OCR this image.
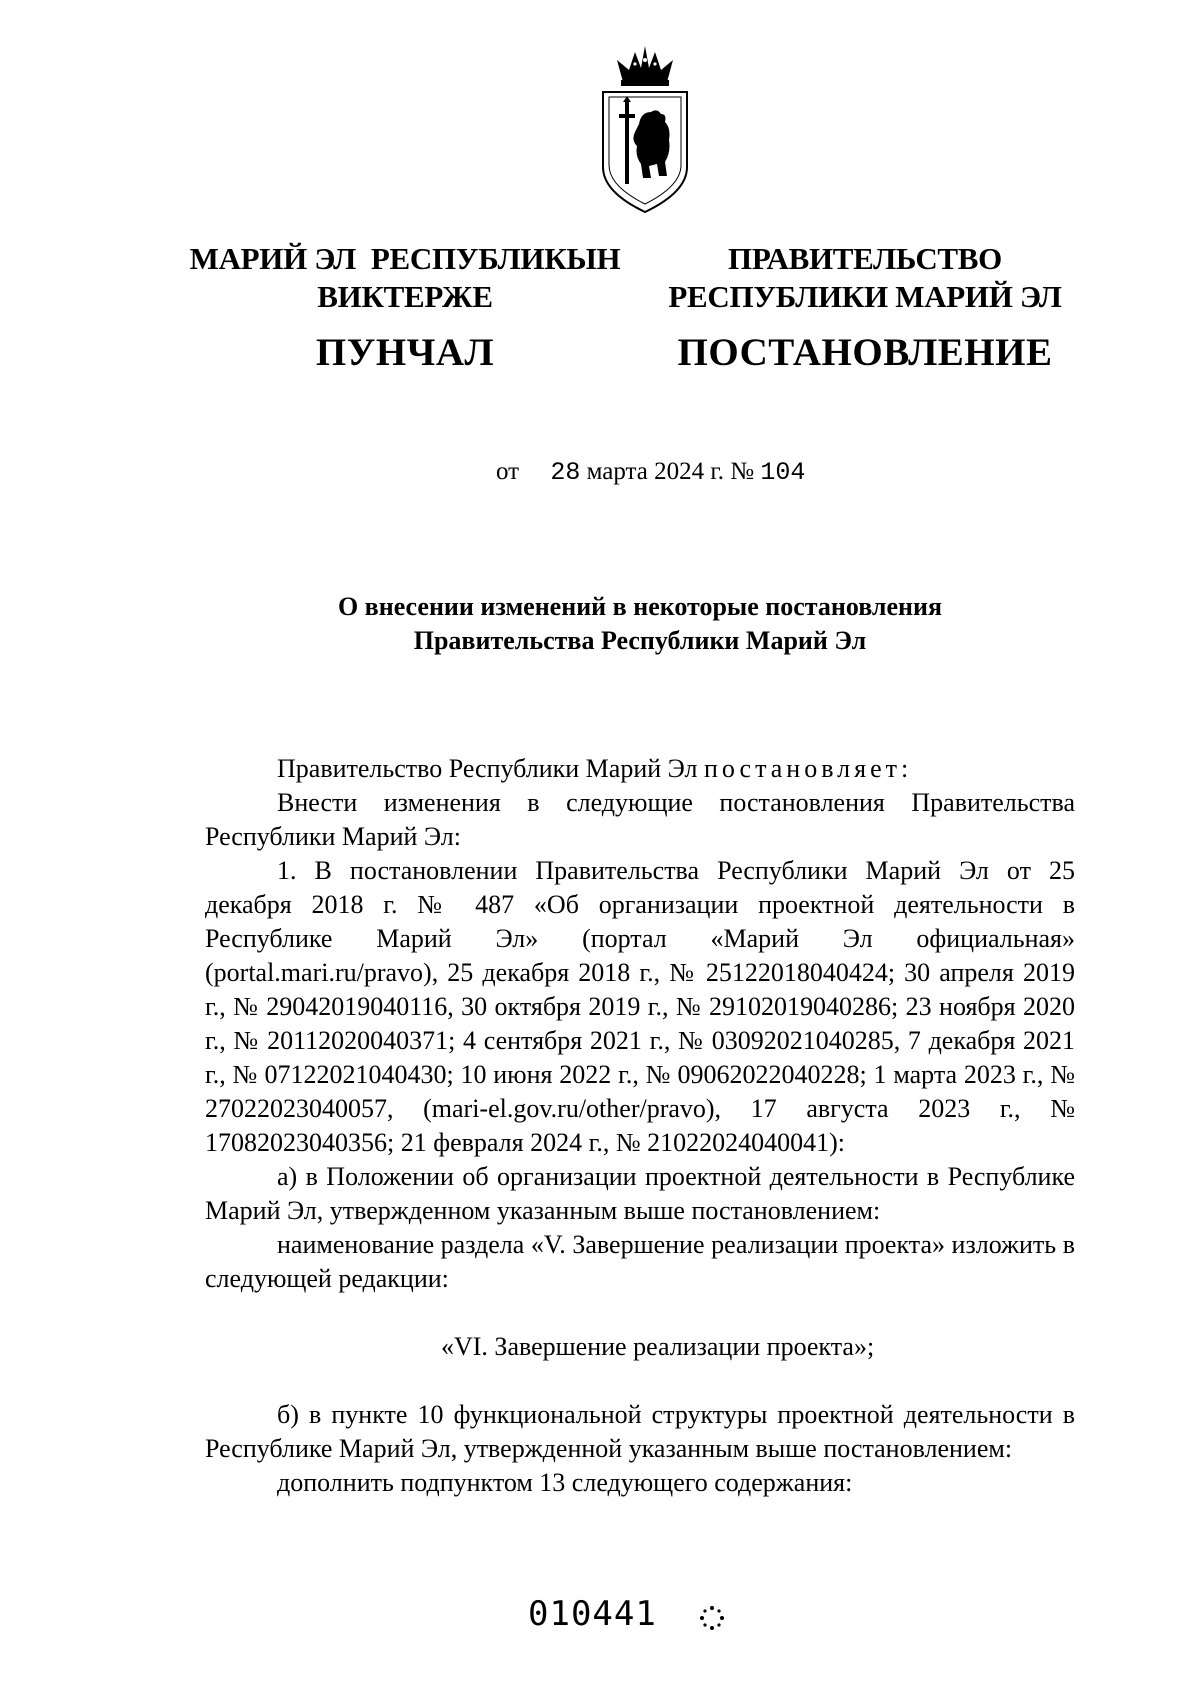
МАРИЙ ЭЛ  РЕСПУБЛИКЫН
ВИКТЕРЖЕ
ПУНЧАЛ
ПРАВИТЕЛЬСТВО
РЕСПУБЛИКИ МАРИЙ ЭЛ
ПОСТАНОВЛЕНИЕ
от 28 марта 2024 г. № 104
О внесении изменений в некоторые постановления
Правительства Республики Марий Эл

Правительство Республики Марий Эл постановляет:

Внести изменения в следующие постановления Правительства Республики Марий Эл:

1. В постановлении Правительства Республики Марий Эл от 25 декабря 2018 г. № 487 «Об организации проектной деятельности в Республике Марий Эл» (портал «Марий Эл официальная» (portal.mari.ru/pravo), 25 декабря 2018 г., № 25122018040424; 30 апреля 2019 г., № 29042019040116, 30 октября 2019 г., № 29102019040286; 23 ноября 2020 г., № 20112020040371; 4 сентября 2021 г., № 03092021040285, 7 декабря 2021 г., № 07122021040430; 10 июня 2022 г., № 09062022040228; 1 марта 2023 г., № 27022023040057, (mari-el.gov.ru/other/pravo), 17 августа 2023 г., № 17082023040356; 21 февраля 2024 г., № 21022024040041):

а) в Положении об организации проектной деятельности в Республике Марий Эл, утвержденном указанным выше постановлением:

наименование раздела «V. Завершение реализации проекта» изложить в следующей редакции:

«VI. Завершение реализации проекта»;

б) в пункте 10 функциональной структуры проектной деятельности в Республике Марий Эл, утвержденной указанным выше постановлением:

дополнить подпунктом 13 следующего содержания:

010441
